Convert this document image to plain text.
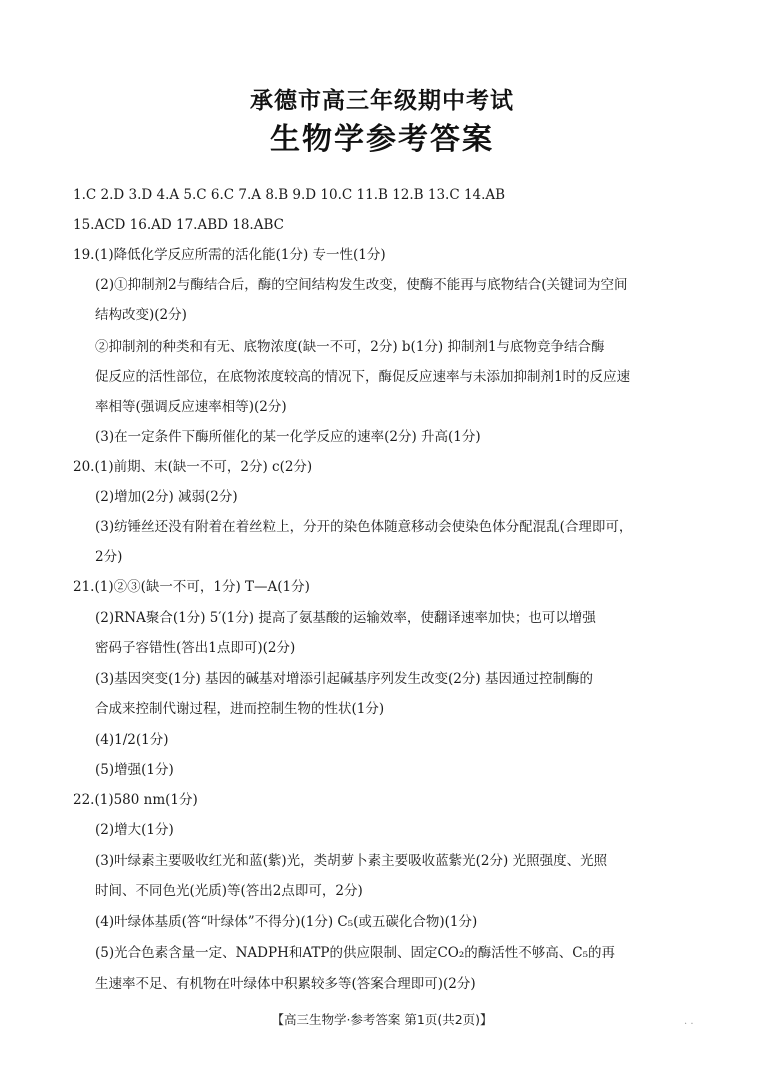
承德市高三年级期中考试
生物学参考答案
1.C 2.D 3.D 4.A 5.C 6.C 7.A 8.B 9.D 10.C 11.B 12.B 13.C 14.AB
15.ACD 16.AD 17.ABD 18.ABC
19.(1)降低化学反应所需的活化能(1分) 专一性(1分)
(2)①抑制剂2与酶结合后，酶的空间结构发生改变，使酶不能再与底物结合(关键词为空间
结构改变)(2分)
②抑制剂的种类和有无、底物浓度(缺一不可，2分) b(1分) 抑制剂1与底物竞争结合酶
促反应的活性部位，在底物浓度较高的情况下，酶促反应速率与未添加抑制剂1时的反应速
率相等(强调反应速率相等)(2分)
(3)在一定条件下酶所催化的某一化学反应的速率(2分) 升高(1分)
20.(1)前期、末(缺一不可，2分) c(2分)
(2)增加(2分) 减弱(2分)
(3)纺锤丝还没有附着在着丝粒上，分开的染色体随意移动会使染色体分配混乱(合理即可，
2分)
21.(1)②③(缺一不可，1分) T—A(1分)
(2)RNA聚合(1分) 5′(1分) 提高了氨基酸的运输效率，使翻译速率加快；也可以增强
密码子容错性(答出1点即可)(2分)
(3)基因突变(1分) 基因的碱基对增添引起碱基序列发生改变(2分) 基因通过控制酶的
合成来控制代谢过程，进而控制生物的性状(1分)
(4)1/2(1分)
(5)增强(1分)
22.(1)580 nm(1分)
(2)增大(1分)
(3)叶绿素主要吸收红光和蓝(紫)光，类胡萝卜素主要吸收蓝紫光(2分) 光照强度、光照
时间、不同色光(光质)等(答出2点即可，2分)
(4)叶绿体基质(答“叶绿体”不得分)(1分) C₅(或五碳化合物)(1分)
(5)光合色素含量一定、NADPH和ATP的供应限制、固定CO₂的酶活性不够高、C₅的再
生速率不足、有机物在叶绿体中积累较多等(答案合理即可)(2分)
【高三生物学·参考答案 第1页(共2页)】	. .
